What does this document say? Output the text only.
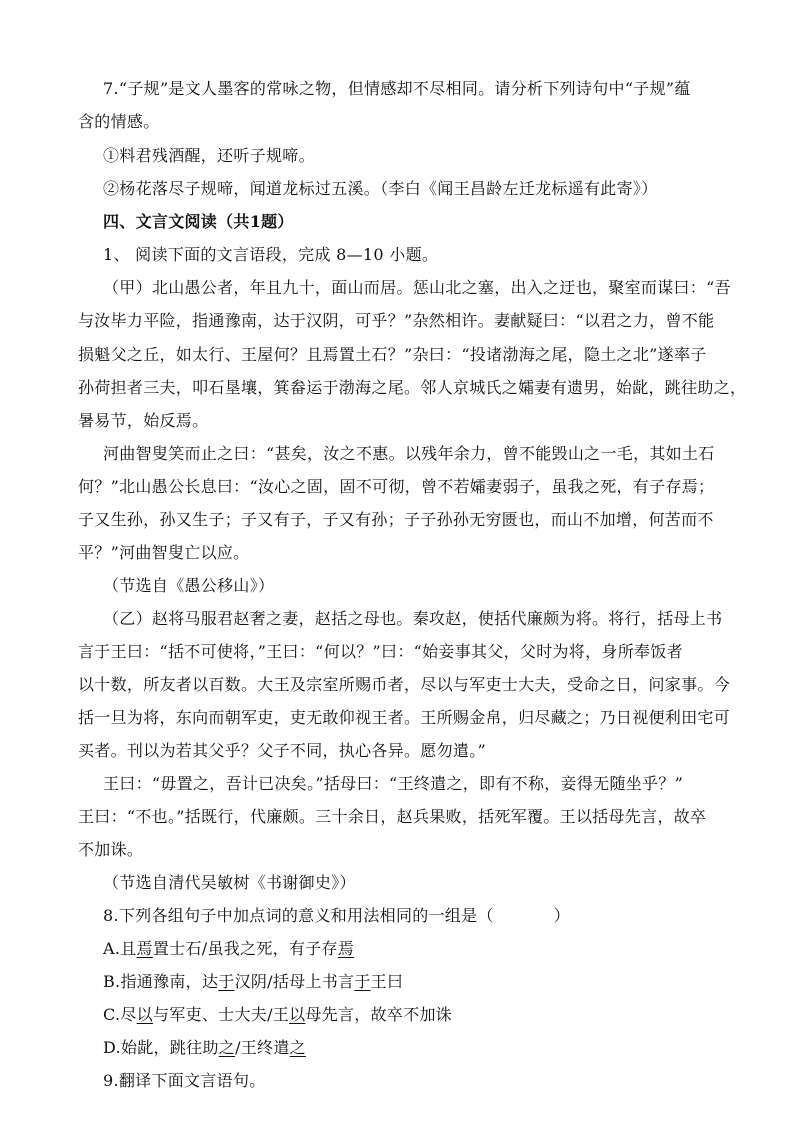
7.“子规”是文人墨客的常咏之物，但情感却不尽相同。请分析下列诗句中“子规”蕴
含的情感。
①料君残酒醒，还听子规啼。
②杨花落尽子规啼，闻道龙标过五溪。（李白《闻王昌龄左迁龙标遥有此寄》）
四、文言文阅读（共1题）
1、 阅读下面的文言语段，完成 8—10 小题。
（甲）北山愚公者，年且九十，面山而居。惩山北之塞，出入之迂也，聚室而谋曰：“吾
与汝毕力平险，指通豫南，达于汉阴，可乎？”杂然相许。妻献疑曰：“以君之力，曾不能
损魁父之丘，如太行、王屋何？且焉置土石？”杂曰：“投诸渤海之尾，隐土之北”遂率子
孙荷担者三夫，叩石垦壤，箕畚运于渤海之尾。邻人京城氏之孀妻有遗男，始龀，跳往助之，
暑易节，始反焉。
河曲智叟笑而止之曰：“甚矣，汝之不惠。以残年余力，曾不能毁山之一毛，其如土石
何？”北山愚公长息曰：“汝心之固，固不可彻，曾不若孀妻弱子，虽我之死，有子存焉；
子又生孙，孙又生子；子又有子，子又有孙；子子孙孙无穷匮也，而山不加增，何苦而不
平？”河曲智叟亡以应。
（节选自《愚公移山》）
（乙）赵将马服君赵奢之妻，赵括之母也。秦攻赵，使括代廉颇为将。将行，括母上书
言于王曰：“括不可使将，”王曰：“何以？”曰：“始妾事其父，父时为将，身所奉饭者
以十数，所友者以百数。大王及宗室所赐币者，尽以与军吏士大夫，受命之日，问家事。今
括一旦为将，东向而朝军吏，吏无敢仰视王者。王所赐金帛，归尽藏之；乃日视便利田宅可
买者。刊以为若其父乎？父子不同，执心各异。愿勿遣。”
王曰：“毋置之，吾计已决矣。”括母曰：“王终遣之，即有不称，妾得无随坐乎？”
王曰：“不也。”括既行，代廉颇。三十余日，赵兵果败，括死军覆。王以括母先言，故卒
不加诛。
（节选自清代吴敏树《书谢御史》）
8.下列各组句子中加点词的意义和用法相同的一组是（	）
A.且焉置士石/虽我之死，有子存焉
B.指通豫南，达于汉阴/括母上书言于王曰
C.尽以与军吏、士大夫/王以母先言，故卒不加诛
D.始龀，跳往助之/王终遣之
9.翻译下面文言语句。
